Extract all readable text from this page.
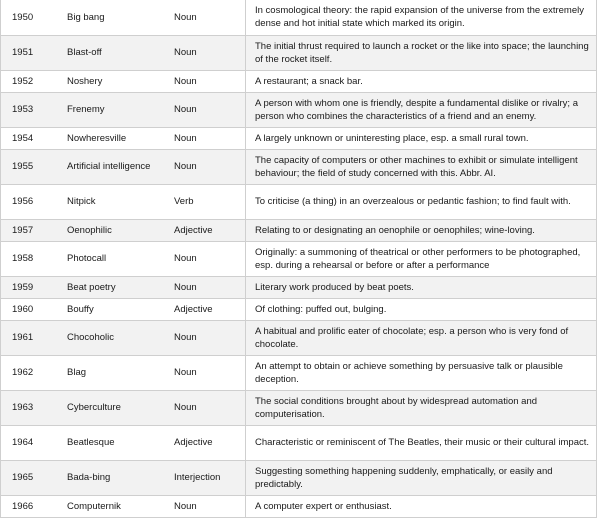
1950	Big bang	Noun	In cosmological theory: the rapid expansion of the universe from the extremely dense and hot initial state which marked its origin.
1951	Blast-off	Noun	The initial thrust required to launch a rocket or the like into space; the launching of the rocket itself.
1952	Noshery	Noun	A restaurant; a snack bar.
1953	Frenemy	Noun	A person with whom one is friendly, despite a fundamental dislike or rivalry; a person who combines the characteristics of a friend and an enemy.
1954	Nowheresville	Noun	A largely unknown or uninteresting place, esp. a small rural town.
1955	Artificial intelligence	Noun	The capacity of computers or other machines to exhibit or simulate intelligent behaviour; the field of study concerned with this. Abbr. AI.
1956	Nitpick	Verb	To criticise (a thing) in an overzealous or pedantic fashion; to find fault with.
1957	Oenophilic	Adjective	Relating to or designating an oenophile or oenophiles; wine-loving.
1958	Photocall	Noun	Originally: a summoning of theatrical or other performers to be photographed, esp. during a rehearsal or before or after a performance
1959	Beat poetry	Noun	Literary work produced by beat poets.
1960	Bouffy	Adjective	Of clothing: puffed out, bulging.
1961	Chocoholic	Noun	A habitual and prolific eater of chocolate; esp. a person who is very fond of chocolate.
1962	Blag	Noun	An attempt to obtain or achieve something by persuasive talk or plausible deception.
1963	Cyberculture	Noun	The social conditions brought about by widespread automation and computerisation.
1964	Beatlesque	Adjective	Characteristic or reminiscent of The Beatles, their music or their cultural impact.
1965	Bada-bing	Interjection	Suggesting something happening suddenly, emphatically, or easily and predictably.
1966	Computernik	Noun	A computer expert or enthusiast.
